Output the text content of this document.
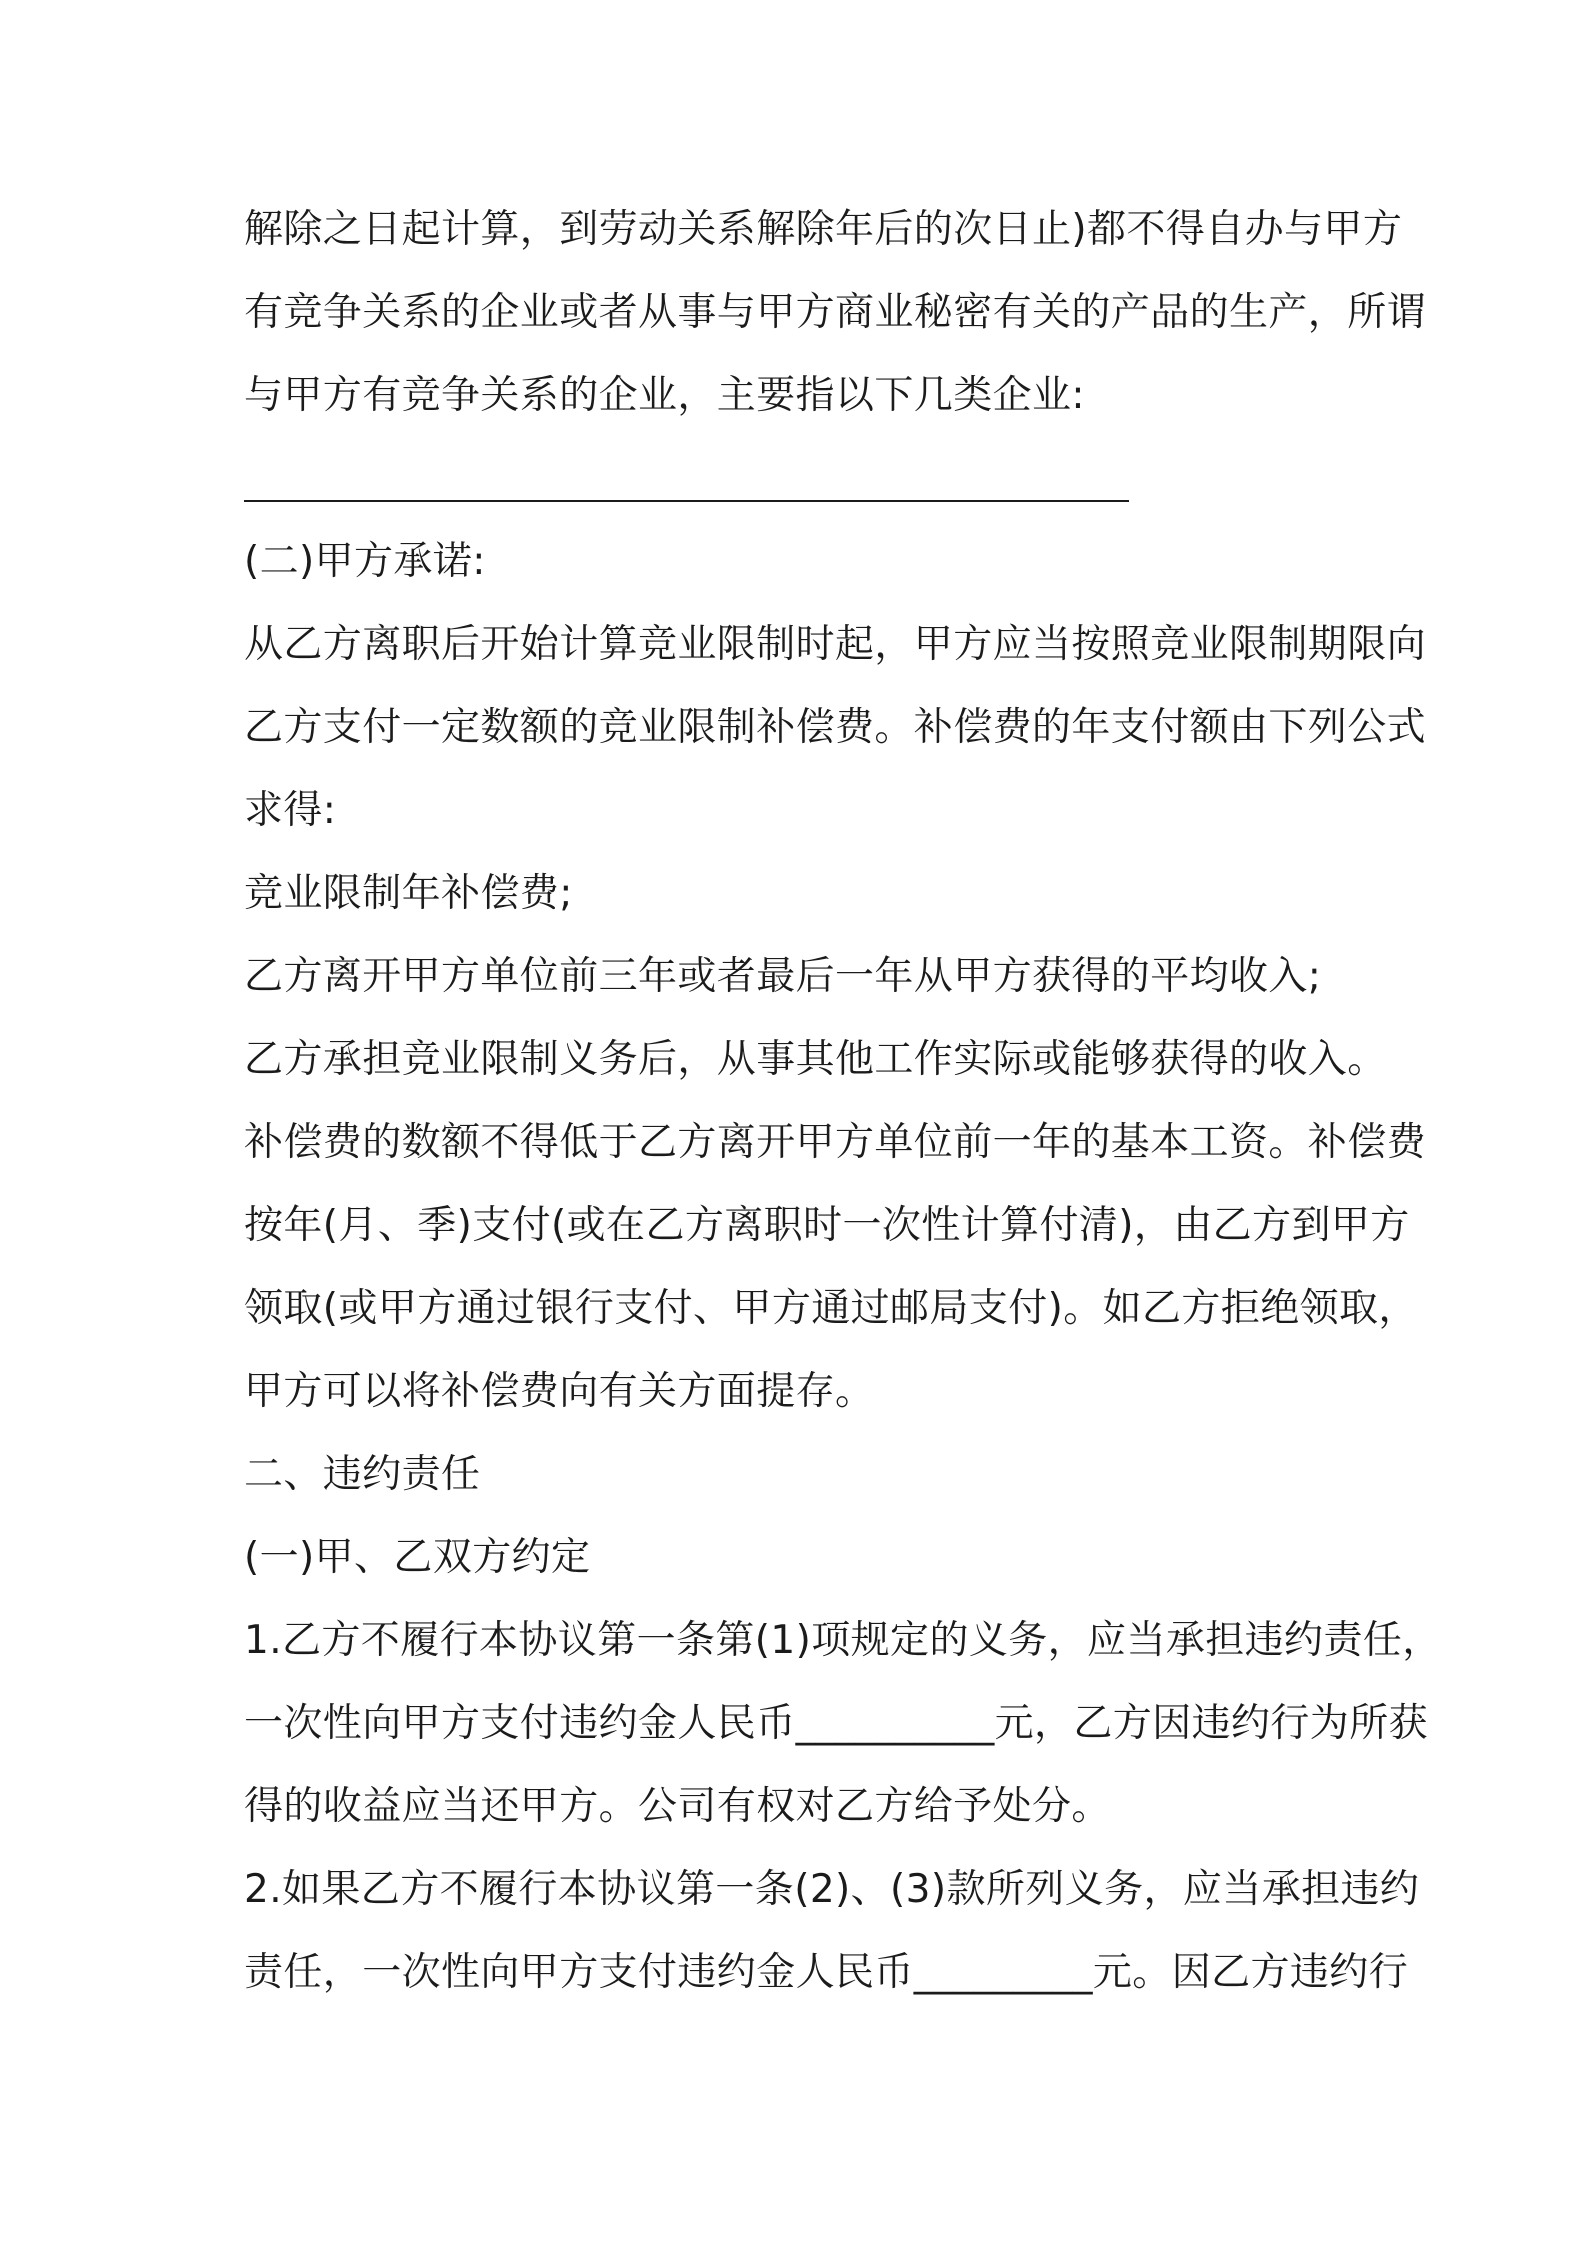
解除之日起计算，到劳动关系解除年后的次日止)都不得自办与甲方
有竞争关系的企业或者从事与甲方商业秘密有关的产品的生产，所谓
与甲方有竞争关系的企业，主要指以下几类企业:
(二)甲方承诺:
从乙方离职后开始计算竞业限制时起，甲方应当按照竞业限制期限向
乙方支付一定数额的竞业限制补偿费。补偿费的年支付额由下列公式
求得:
竞业限制年补偿费;
乙方离开甲方单位前三年或者最后一年从甲方获得的平均收入;
乙方承担竞业限制义务后，从事其他工作实际或能够获得的收入。
补偿费的数额不得低于乙方离开甲方单位前一年的基本工资。补偿费
按年(月、季)支付(或在乙方离职时一次性计算付清)，由乙方到甲方
领取(或甲方通过银行支付、甲方通过邮局支付)。如乙方拒绝领取，
甲方可以将补偿费向有关方面提存。
二、违约责任
(一)甲、乙双方约定
1.乙方不履行本协议第一条第(1)项规定的义务，应当承担违约责任，
一次性向甲方支付违约金人民币__________元，乙方因违约行为所获
得的收益应当还甲方。公司有权对乙方给予处分。
2.如果乙方不履行本协议第一条(2)、(3)款所列义务，应当承担违约
责任，一次性向甲方支付违约金人民币_________元。因乙方违约行
